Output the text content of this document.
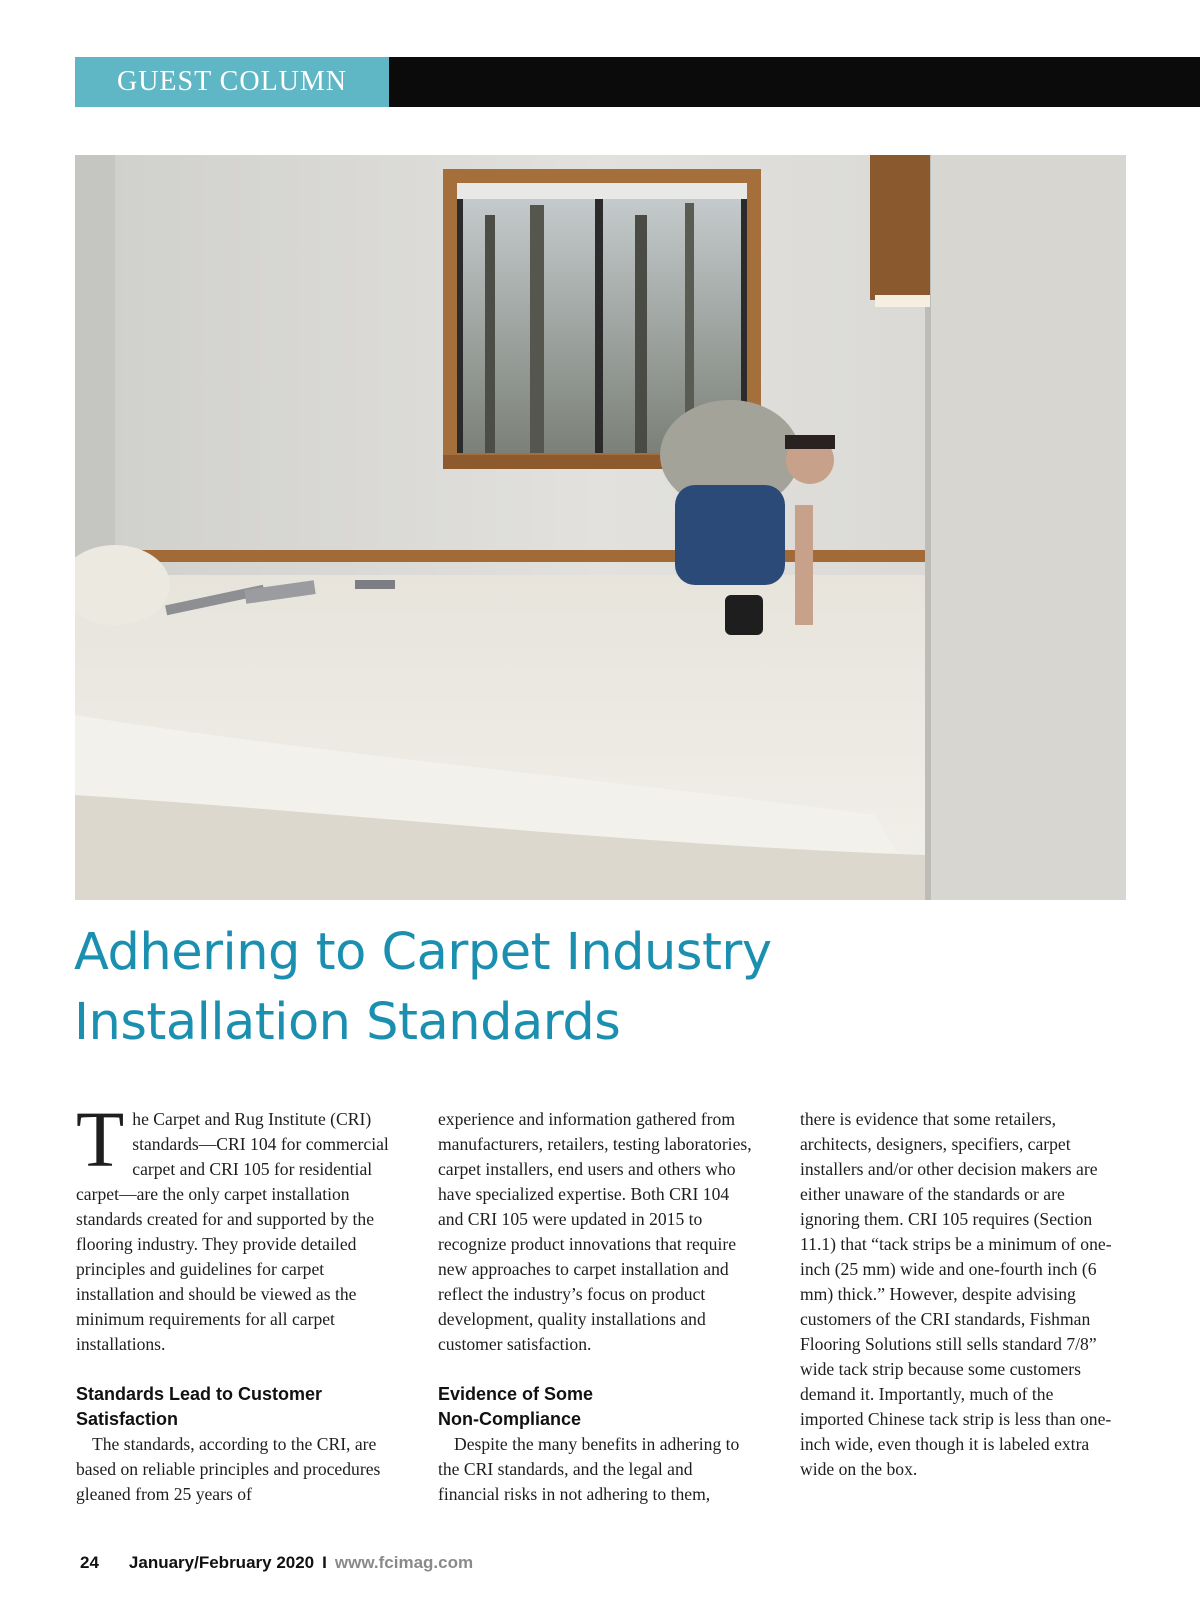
GUEST COLUMN
Adhering to Carpet Industry
Installation Standards

The Carpet and Rug Institute (CRI) standards—CRI 104 for commercial carpet and CRI 105 for residential carpet—are the only carpet installation standards created for and supported by the flooring industry. They provide detailed principles and guidelines for carpet installation and should be viewed as the minimum requirements for all carpet installations.

Standards Lead to Customer Satisfaction

The standards, according to the CRI, are based on reliable principles and procedures gleaned from 25 years of

experience and information gathered from manufacturers, retailers, testing laboratories, carpet installers, end users and others who have specialized expertise. Both CRI 104 and CRI 105 were updated in 2015 to recognize product innovations that require new approaches to carpet installation and reflect the industry’s focus on product development, quality installations and customer satisfaction.

Evidence of Some
Non-Compliance

Despite the many benefits in adhering to the CRI standards, and the legal and financial risks in not adhering to them,

there is evidence that some retailers, architects, designers, specifiers, carpet installers and/or other decision makers are either unaware of the standards or are ignoring them. CRI 105 requires (Section 11.1) that “tack strips be a minimum of one-inch (25 mm) wide and one-fourth inch (6 mm) thick.” However, despite advising customers of the CRI standards, Fishman Flooring Solutions still sells standard 7/8” wide tack strip because some customers demand it. Importantly, much of the imported Chinese tack strip is less than one-inch wide, even though it is labeled extra wide on the box.

24 January/February 2020 I www.fcimag.com
